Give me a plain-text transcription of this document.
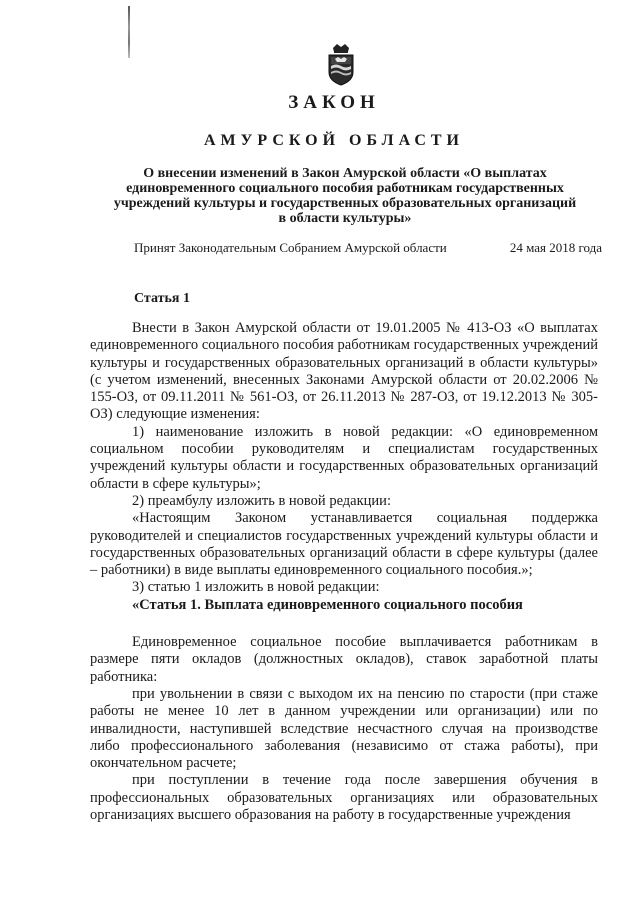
ЗАКОН
АМУРСКОЙ ОБЛАСТИ

О внесении изменений в Закон Амурской области «О выплатах единовременного социального пособия работникам государственных учреждений культуры и государственных образовательных организаций в области культуры»

Принят Законодательным Собранием Амурской области	24 мая 2018 года
Статья 1

Внести в Закон Амурской области от 19.01.2005 № 413-ОЗ «О выплатах единовременного социального пособия работникам государственных учреждений культуры и государственных образовательных организаций в области культуры» (с учетом изменений, внесенных Законами Амурской области от 20.02.2006 № 155-ОЗ, от 09.11.2011 № 561-ОЗ, от 26.11.2013 № 287-ОЗ, от 19.12.2013 № 305-ОЗ) следующие изменения:

1) наименование изложить в новой редакции: «О единовременном социальном пособии руководителям и специалистам государственных учреждений культуры области и государственных образовательных организаций области в сфере культуры»;

2) преамбулу изложить в новой редакции:

«Настоящим Законом устанавливается социальная поддержка руководителей и специалистов государственных учреждений культуры области и государственных образовательных организаций области в сфере культуры (далее – работники) в виде выплаты единовременного социального пособия.»;

3) статью 1 изложить в новой редакции:

«Статья 1. Выплата единовременного социального пособия

Единовременное социальное пособие выплачивается работникам в размере пяти окладов (должностных окладов), ставок заработной платы работника:

при увольнении в связи с выходом их на пенсию по старости (при стаже работы не менее 10 лет в данном учреждении или организации) или по инвалидности, наступившей вследствие несчастного случая на производстве либо профессионального заболевания (независимо от стажа работы), при окончательном расчете;

при поступлении в течение года после завершения обучения в профессиональных образовательных организациях или образовательных организациях высшего образования на работу в государственные учреждения
